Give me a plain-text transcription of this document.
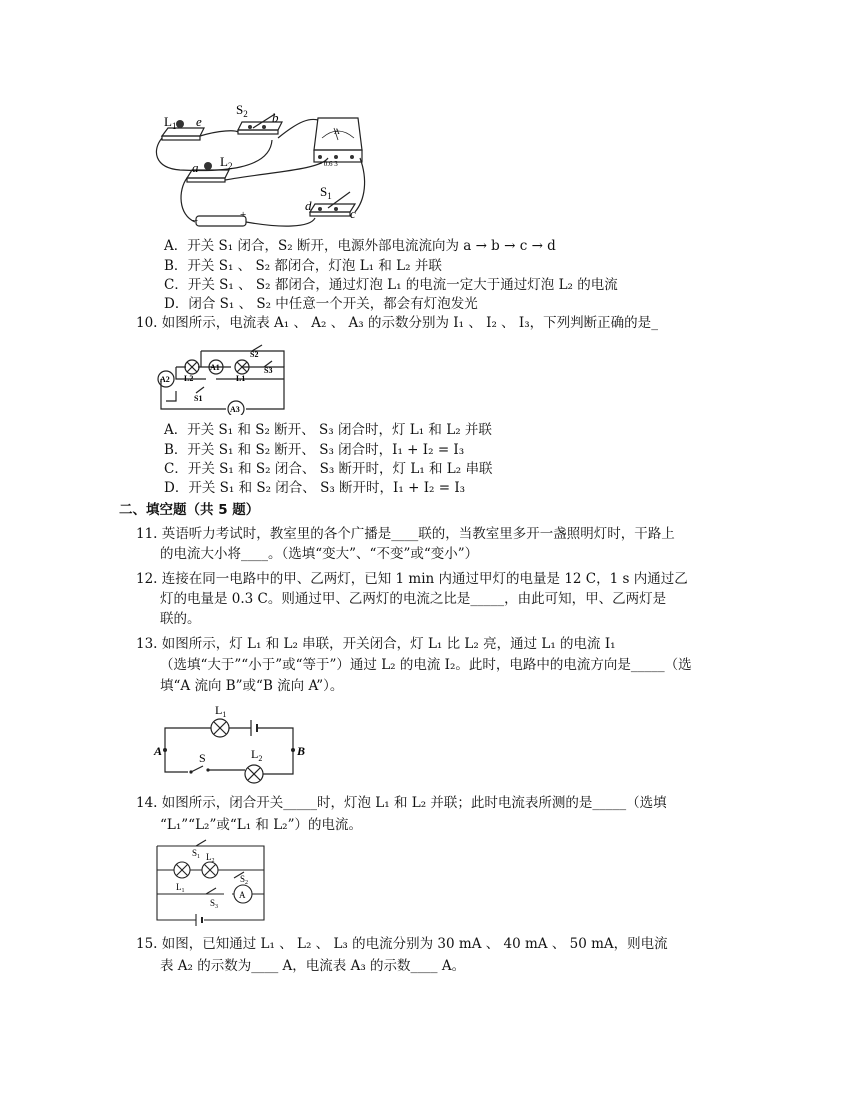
$L_1$ e
$S_2$ b
a $L_2$
$S_1$
d
c
−	+
A
− 0.6 3
A．开关 S₁ 闭合，S₂ 断开，电源外部电流流向为 a → b → c → d
B．开关 S₁ 、 S₂ 都闭合，灯泡 L₁ 和 L₂ 并联
C．开关 S₁ 、 S₂ 都闭合，通过灯泡 L₁ 的电流一定大于通过灯泡 L₂ 的电流
D．闭合 S₁ 、 S₂ 中任意一个开关，都会有灯泡发光
10. 如图所示，电流表 A₁ 、 A₂ 、 A₃ 的示数分别为 I₁ 、 I₂ 、 I₃，下列判断正确的是_
A2
A1
A3
L2	L1
S2
S3
S1
A．开关 S₁ 和 S₂ 断开、 S₃ 闭合时，灯 L₁ 和 L₂ 并联
B．开关 S₁ 和 S₂ 断开、 S₃ 闭合时，I₁ + I₂ = I₃
C．开关 S₁ 和 S₂ 闭合、 S₃ 断开时，灯 L₁ 和 L₂ 串联
D．开关 S₁ 和 S₂ 闭合、 S₃ 断开时，I₁ + I₂ = I₃
二、填空题（共 5 题）
11. 英语听力考试时，教室里的各个广播是____联的，当教室里多开一盏照明灯时，干路上
的电流大小将____。（选填“变大”、“不变”或“变小”）
12. 连接在同一电路中的甲、乙两灯，已知 1 min 内通过甲灯的电量是 12 C，1 s 内通过乙
灯的电量是 0.3 C。则通过甲、乙两灯的电流之比是_____，由此可知，甲、乙两灯是
联的。
13. 如图所示，灯 L₁ 和 L₂ 串联，开关闭合，灯 L₁ 比 L₂ 亮，通过 L₁ 的电流 I₁
（选填“大于”“小于”或“等于”）通过 L₂ 的电流 I₂。此时，电路中的电流方向是_____（选
填“A 流向 B”或“B 流向 A”）。
$L_1$
$L_2$
S
A	B
14. 如图所示，闭合开关_____时，灯泡 L₁ 和 L₂ 并联；此时电流表所测的是_____（选填
“L₁”“L₂”或“L₁ 和 L₂”）的电流。
$S_1$ $L_2$
$L_1$
$S_2$
$S_3$
A
15. 如图，已知通过 L₁ 、 L₂ 、 L₃ 的电流分别为 30 mA 、 40 mA 、 50 mA，则电流
表 A₂ 的示数为____ A，电流表 A₃ 的示数____ A。
